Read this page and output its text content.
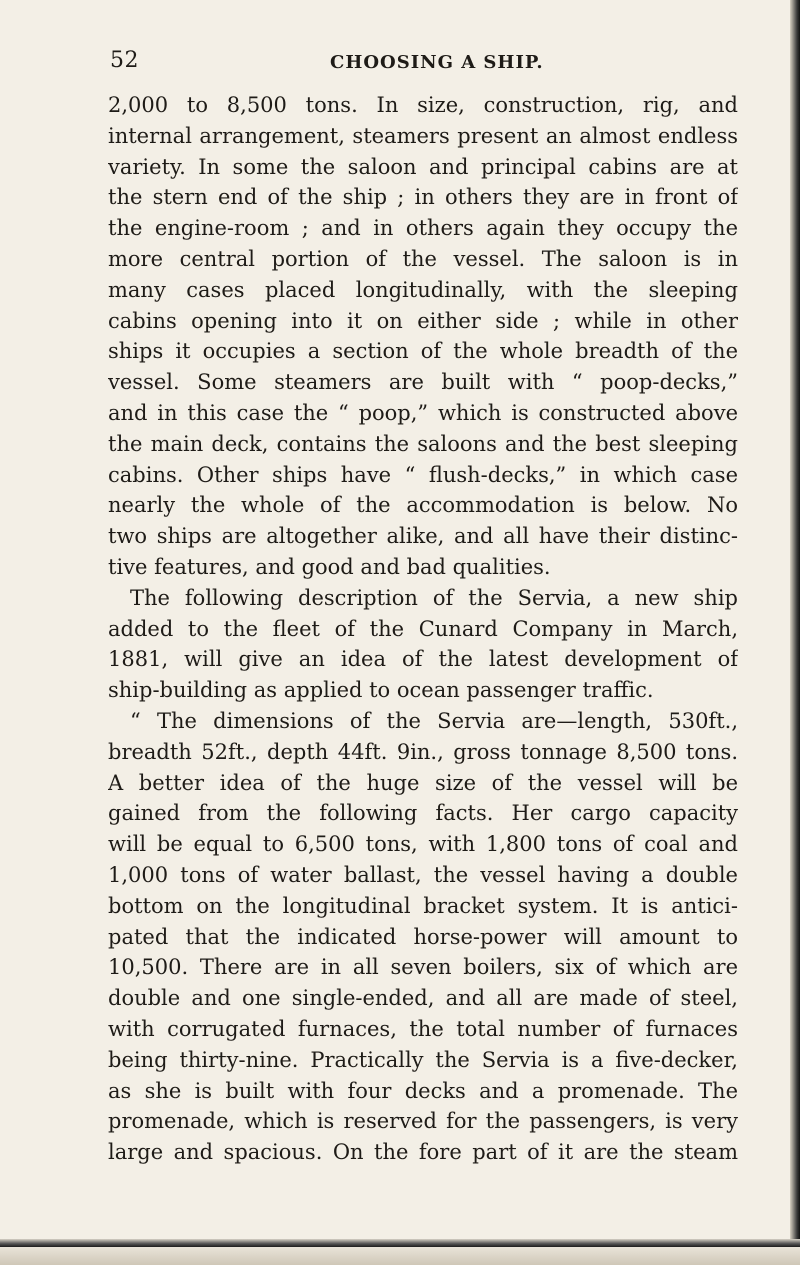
52	CHOOSING A SHIP.
2,000 to 8,500 tons. In size, construction, rig, and
internal arrangement, steamers present an almost endless
variety. In some the saloon and principal cabins are at
the stern end of the ship ; in others they are in front of
the engine-room ; and in others again they occupy the
more central portion of the vessel. The saloon is in
many cases placed longitudinally, with the sleeping
cabins opening into it on either side ; while in other
ships it occupies a section of the whole breadth of the
vessel. Some steamers are built with “ poop-decks,”
and in this case the “ poop,” which is constructed above
the main deck, contains the saloons and the best sleeping
cabins. Other ships have “ flush-decks,” in which case
nearly the whole of the accommodation is below. No
two ships are altogether alike, and all have their distinc-
tive features, and good and bad qualities.
The following description of the Servia, a new ship
added to the fleet of the Cunard Company in March,
1881, will give an idea of the latest development of
ship-building as applied to ocean passenger traffic.
“ The dimensions of the Servia are—length, 530ft.,
breadth 52ft., depth 44ft. 9in., gross tonnage 8,500 tons.
A better idea of the huge size of the vessel will be
gained from the following facts. Her cargo capacity
will be equal to 6,500 tons, with 1,800 tons of coal and
1,000 tons of water ballast, the vessel having a double
bottom on the longitudinal bracket system. It is antici-
pated that the indicated horse-power will amount to
10,500. There are in all seven boilers, six of which are
double and one single-ended, and all are made of steel,
with corrugated furnaces, the total number of furnaces
being thirty-nine. Practically the Servia is a five-decker,
as she is built with four decks and a promenade. The
promenade, which is reserved for the passengers, is very
large and spacious. On the fore part of it are the steam
